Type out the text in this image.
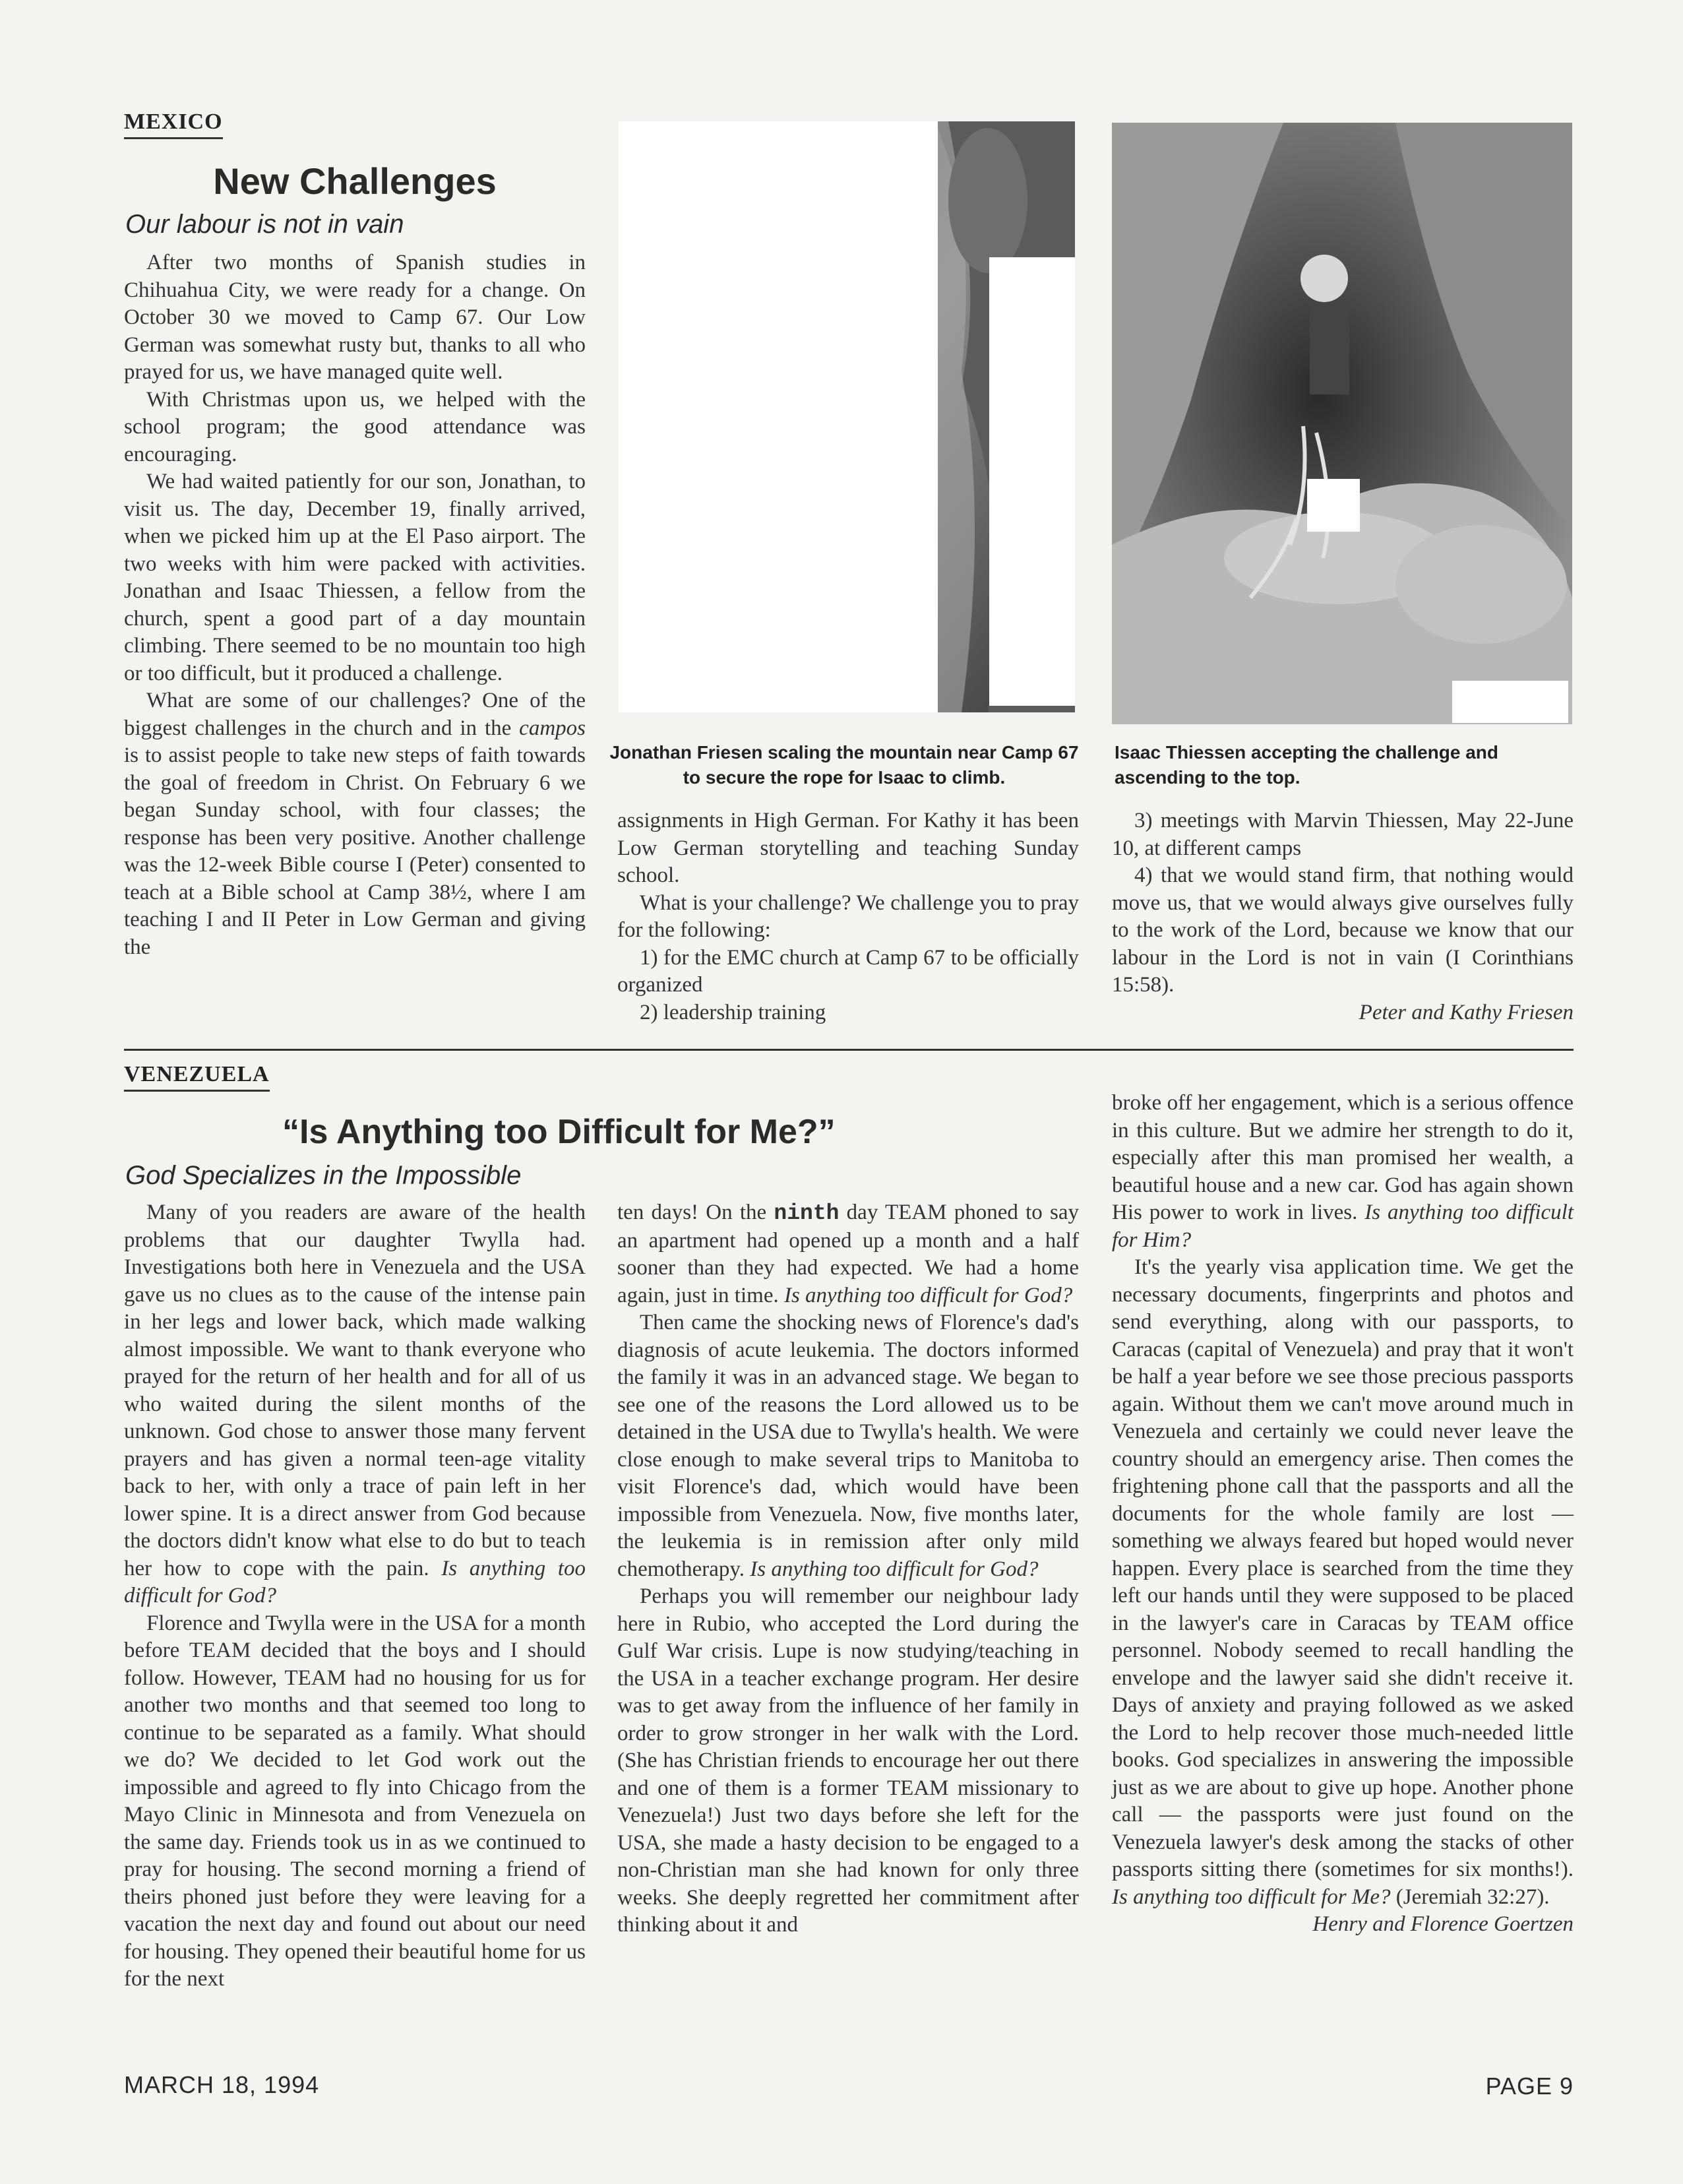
MEXICO
New Challenges
Our labour is not in vain

After two months of Spanish studies in Chihuahua City, we were ready for a change. On October 30 we moved to Camp 67. Our Low German was somewhat rusty but, thanks to all who prayed for us, we have managed quite well.

With Christmas upon us, we helped with the school program; the good attendance was encouraging.

We had waited patiently for our son, Jonathan, to visit us. The day, December 19, finally arrived, when we picked him up at the El Paso airport. The two weeks with him were packed with activities. Jonathan and Isaac Thiessen, a fellow from the church, spent a good part of a day mountain climbing. There seemed to be no mountain too high or too difficult, but it produced a challenge.

What are some of our challenges? One of the biggest challenges in the church and in the campos is to assist people to take new steps of faith towards the goal of freedom in Christ. On February 6 we began Sunday school, with four classes; the response has been very positive. Another challenge was the 12-week Bible course I (Peter) consented to teach at a Bible school at Camp 38½, where I am teaching I and II Peter in Low German and giving the

Jonathan Friesen scaling the mountain near Camp 67 to secure the rope for Isaac to climb.
Isaac Thiessen accepting the challenge and ascending to the top.

assignments in High German. For Kathy it has been Low German storytelling and teaching Sunday school.

What is your challenge? We challenge you to pray for the following:

1) for the EMC church at Camp 67 to be officially organized

2) leadership training

3) meetings with Marvin Thiessen, May 22-June 10, at different camps

4) that we would stand firm, that nothing would move us, that we would always give ourselves fully to the work of the Lord, because we know that our labour in the Lord is not in vain (I Corinthians 15:58).

Peter and Kathy Friesen

VENEZUELA
“Is Anything too Difficult for Me?”
God Specializes in the Impossible

Many of you readers are aware of the health problems that our daughter Twylla had. Investigations both here in Venezuela and the USA gave us no clues as to the cause of the intense pain in her legs and lower back, which made walking almost impossible. We want to thank everyone who prayed for the return of her health and for all of us who waited during the silent months of the unknown. God chose to answer those many fervent prayers and has given a normal teen-age vitality back to her, with only a trace of pain left in her lower spine. It is a direct answer from God because the doctors didn't know what else to do but to teach her how to cope with the pain. Is anything too difficult for God?

Florence and Twylla were in the USA for a month before TEAM decided that the boys and I should follow. However, TEAM had no housing for us for another two months and that seemed too long to continue to be separated as a family. What should we do? We decided to let God work out the impossible and agreed to fly into Chicago from the Mayo Clinic in Minnesota and from Venezuela on the same day. Friends took us in as we continued to pray for housing. The second morning a friend of theirs phoned just before they were leaving for a vacation the next day and found out about our need for housing. They opened their beautiful home for us for the next

ten days! On the ninth day TEAM phoned to say an apartment had opened up a month and a half sooner than they had expected. We had a home again, just in time. Is anything too difficult for God?

Then came the shocking news of Florence's dad's diagnosis of acute leukemia. The doctors informed the family it was in an advanced stage. We began to see one of the reasons the Lord allowed us to be detained in the USA due to Twylla's health. We were close enough to make several trips to Manitoba to visit Florence's dad, which would have been impossible from Venezuela. Now, five months later, the leukemia is in remission after only mild chemotherapy. Is anything too difficult for God?

Perhaps you will remember our neighbour lady here in Rubio, who accepted the Lord during the Gulf War crisis. Lupe is now studying/teaching in the USA in a teacher exchange program. Her desire was to get away from the influence of her family in order to grow stronger in her walk with the Lord. (She has Christian friends to encourage her out there and one of them is a former TEAM missionary to Venezuela!) Just two days before she left for the USA, she made a hasty decision to be engaged to a non-Christian man she had known for only three weeks. She deeply regretted her commitment after thinking about it and

broke off her engagement, which is a serious offence in this culture. But we admire her strength to do it, especially after this man promised her wealth, a beautiful house and a new car. God has again shown His power to work in lives. Is anything too difficult for Him?

It's the yearly visa application time. We get the necessary documents, fingerprints and photos and send everything, along with our passports, to Caracas (capital of Venezuela) and pray that it won't be half a year before we see those precious passports again. Without them we can't move around much in Venezuela and certainly we could never leave the country should an emergency arise. Then comes the frightening phone call that the passports and all the documents for the whole family are lost — something we always feared but hoped would never happen. Every place is searched from the time they left our hands until they were supposed to be placed in the lawyer's care in Caracas by TEAM office personnel. Nobody seemed to recall handling the envelope and the lawyer said she didn't receive it. Days of anxiety and praying followed as we asked the Lord to help recover those much-needed little books. God specializes in answering the impossible just as we are about to give up hope. Another phone call — the passports were just found on the Venezuela lawyer's desk among the stacks of other passports sitting there (sometimes for six months!). Is anything too difficult for Me? (Jeremiah 32:27).

Henry and Florence Goertzen

MARCH 18, 1994	PAGE 9
